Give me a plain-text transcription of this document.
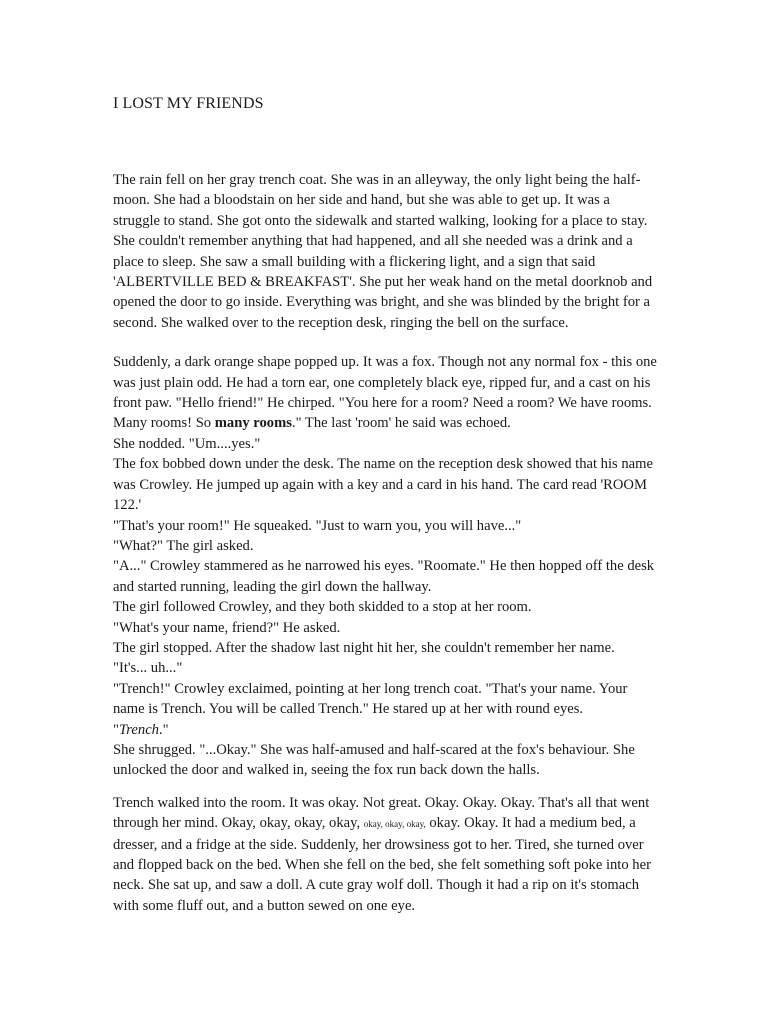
I LOST MY FRIENDS

The rain fell on her gray trench coat. She was in an alleyway, the only light being the half-moon. She had a bloodstain on her side and hand, but she was able to get up. It was a struggle to stand. She got onto the sidewalk and started walking, looking for a place to stay. She couldn't remember anything that had happened, and all she needed was a drink and a place to sleep. She saw a small building with a flickering light, and a sign that said 'ALBERTVILLE BED & BREAKFAST'. She put her weak hand on the metal doorknob and opened the door to go inside. Everything was bright, and she was blinded by the bright for a second. She walked over to the reception desk, ringing the bell on the surface.

Suddenly, a dark orange shape popped up. It was a fox. Though not any normal fox - this one was just plain odd. He had a torn ear, one completely black eye, ripped fur, and a cast on his front paw. "Hello friend!" He chirped. "You here for a room? Need a room? We have rooms. Many rooms! So many rooms." The last 'room' he said was echoed.

She nodded. "Um....yes."

The fox bobbed down under the desk. The name on the reception desk showed that his name was Crowley. He jumped up again with a key and a card in his hand. The card read 'ROOM 122.'

"That's your room!" He squeaked. "Just to warn you, you will have..."

"What?" The girl asked.

"A..." Crowley stammered as he narrowed his eyes. "Roomate." He then hopped off the desk and started running, leading the girl down the hallway.

The girl followed Crowley, and they both skidded to a stop at her room.

"What's your name, friend?" He asked.

The girl stopped. After the shadow last night hit her, she couldn't remember her name.

"It's... uh..."

"Trench!" Crowley exclaimed, pointing at her long trench coat. "That's your name. Your name is Trench. You will be called Trench." He stared up at her with round eyes.

"Trench."

She shrugged. "...Okay." She was half-amused and half-scared at the fox's behaviour. She unlocked the door and walked in, seeing the fox run back down the halls.

Trench walked into the room. It was okay. Not great. Okay. Okay. Okay. That's all that went through her mind. Okay, okay, okay, okay, okay, okay, okay, okay. Okay. It had a medium bed, a dresser, and a fridge at the side. Suddenly, her drowsiness got to her. Tired, she turned over and flopped back on the bed. When she fell on the bed, she felt something soft poke into her neck. She sat up, and saw a doll. A cute gray wolf doll. Though it had a rip on it's stomach with some fluff out, and a button sewed on one eye.
